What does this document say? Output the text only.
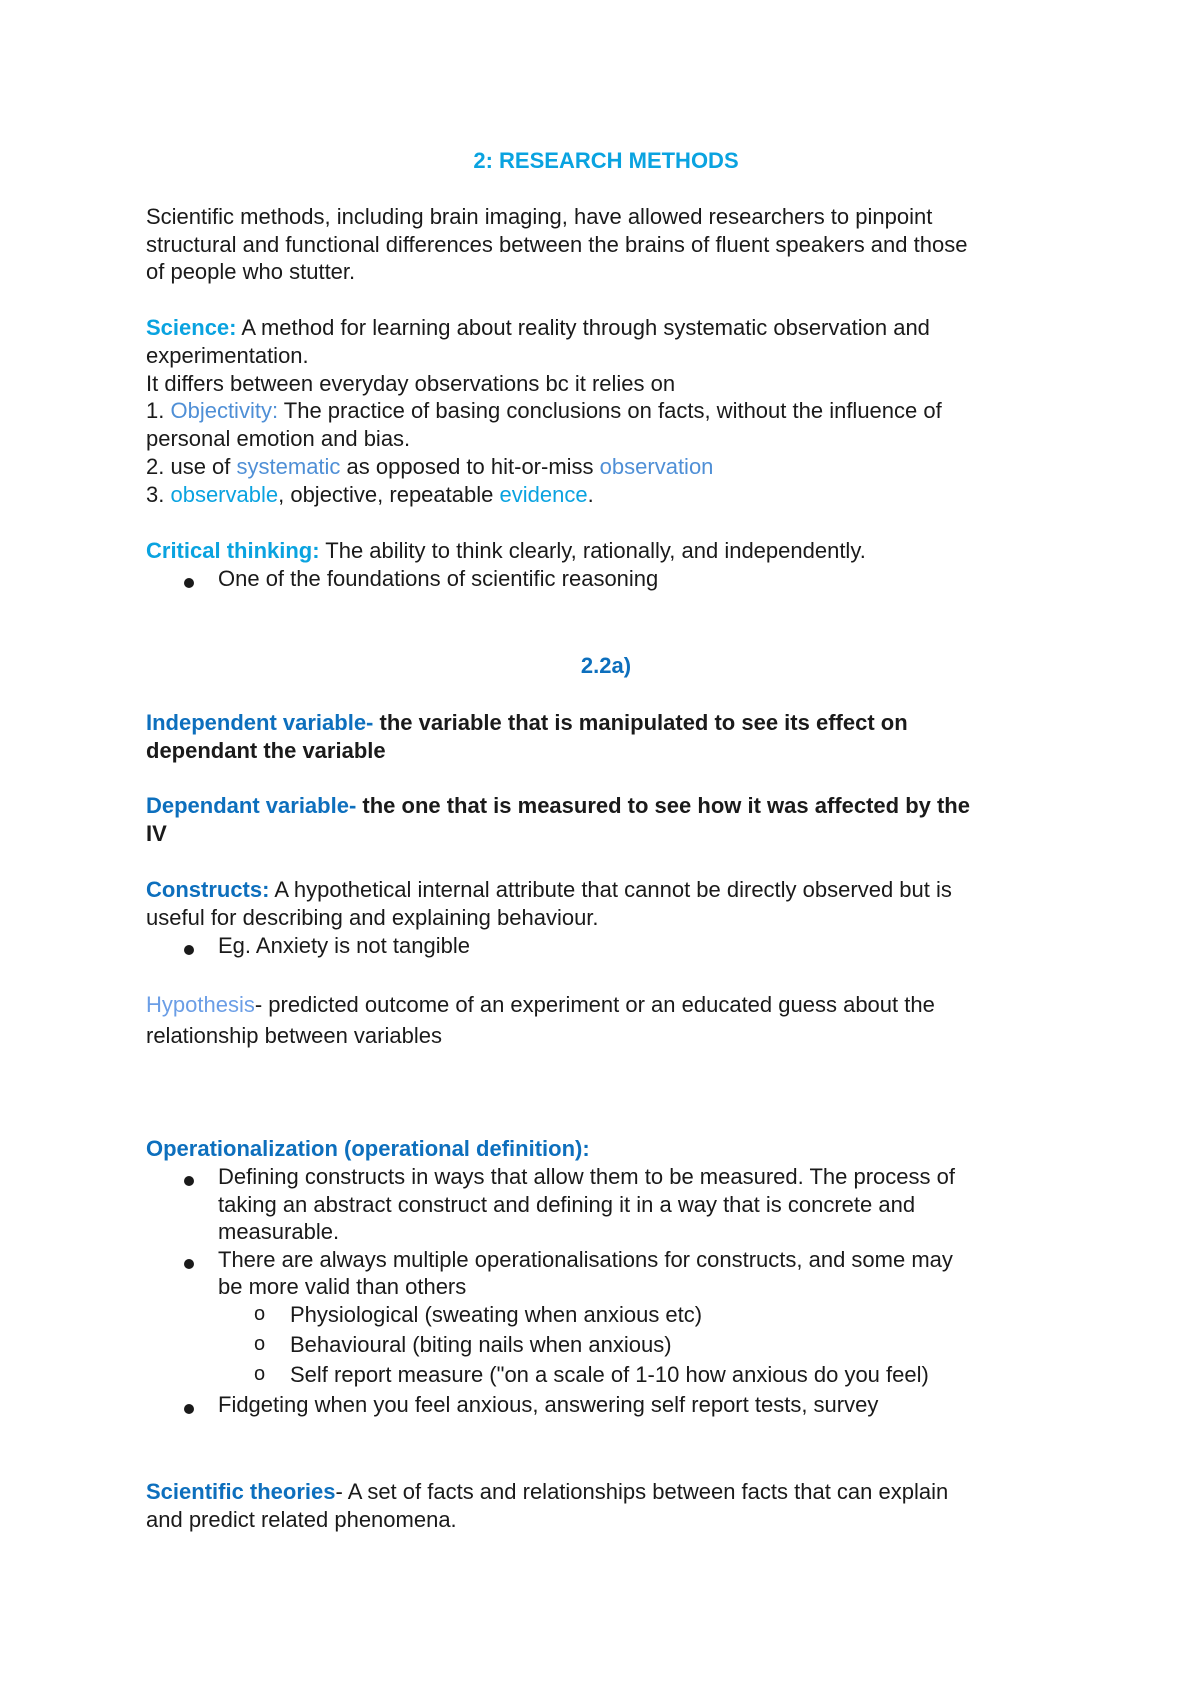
2: RESEARCH METHODS
Scientific methods, including brain imaging, have allowed researchers to pinpoint
structural and functional differences between the brains of fluent speakers and those
of people who stutter.
Science: A method for learning about reality through systematic observation and
experimentation.
It differs between everyday observations bc it relies on
1. Objectivity: The practice of basing conclusions on facts, without the influence of
personal emotion and bias.
2. use of systematic as opposed to hit-or-miss observation
3. observable, objective, repeatable evidence.
Critical thinking: The ability to think clearly, rationally, and independently.
One of the foundations of scientific reasoning
2.2a)
Independent variable- the variable that is manipulated to see its effect on
dependant the variable
Dependant variable- the one that is measured to see how it was affected by the
IV
Constructs: A hypothetical internal attribute that cannot be directly observed but is
useful for describing and explaining behaviour.
Eg. Anxiety is not tangible
Hypothesis- predicted outcome of an experiment or an educated guess about the
relationship between variables
Operationalization (operational definition):
Defining constructs in ways that allow them to be measured. The process of
taking an abstract construct and defining it in a way that is concrete and
measurable.
There are always multiple operationalisations for constructs, and some may
be more valid than others
o Physiological (sweating when anxious etc)
o Behavioural (biting nails when anxious)
o Self report measure ("on a scale of 1-10 how anxious do you feel)
Fidgeting when you feel anxious, answering self report tests, survey
Scientific theories- A set of facts and relationships between facts that can explain
and predict related phenomena.
